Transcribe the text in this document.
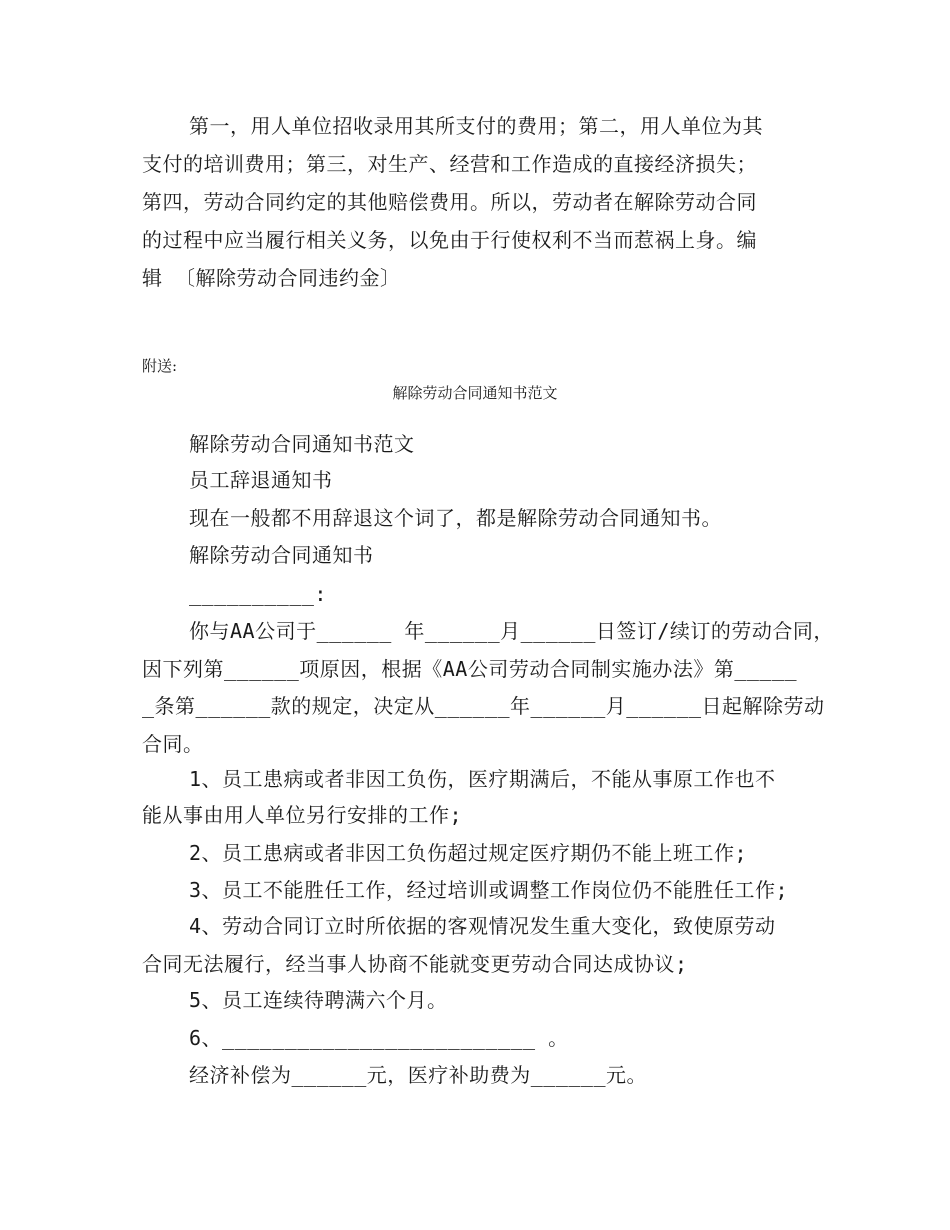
第一，用人单位招收录用其所支付的费用；第二，用人单位为其
支付的培训费用；第三，对生产、经营和工作造成的直接经济损失；
第四，劳动合同约定的其他赔偿费用。所以，劳动者在解除劳动合同
的过程中应当履行相关义务，以免由于行使权利不当而惹祸上身。编
辑 〔解除劳动合同违约金〕
附送:
解除劳动合同通知书范文
解除劳动合同通知书范文
员工辞退通知书
现在一般都不用辞退这个词了，都是解除劳动合同通知书。
解除劳动合同通知书
__________:
你与AA公司于______ 年______月______日签订/续订的劳动合同，
因下列第______项原因，根据《AA公司劳动合同制实施办法》第_____
_条第______款的规定，决定从______年______月______日起解除劳动
合同。
1、员工患病或者非因工负伤，医疗期满后，不能从事原工作也不
能从事由用人单位另行安排的工作;
2、员工患病或者非因工负伤超过规定医疗期仍不能上班工作;
3、员工不能胜任工作，经过培训或调整工作岗位仍不能胜任工作;
4、劳动合同订立时所依据的客观情况发生重大变化，致使原劳动
合同无法履行，经当事人协商不能就变更劳动合同达成协议;
5、员工连续待聘满六个月。
6、_________________________ 。
经济补偿为______元，医疗补助费为______元。
